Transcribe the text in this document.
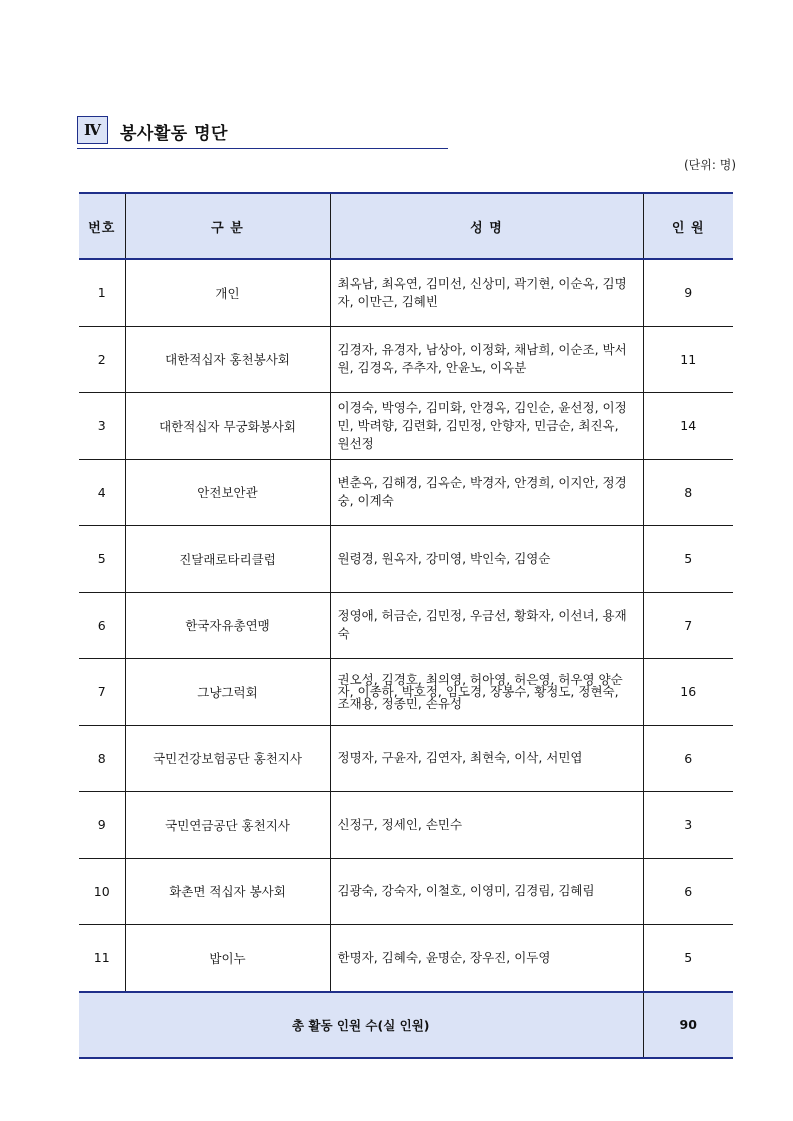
Ⅳ	봉사활동 명단
(단위: 명)
번호	구 분	성 명	인 원
1	개인	최옥남, 최옥연, 김미선, 신상미, 곽기현, 이순옥, 김명자, 이만근, 김혜빈	9
2	대한적십자 홍천봉사회	김경자, 유경자, 남상아, 이정화, 채남희, 이순조, 박서원, 김경옥, 주추자, 안윤노, 이옥분	11
3	대한적십자 무궁화봉사회	이경숙, 박영수, 김미화, 안경옥, 김인순, 윤선정, 이정민, 박려향, 김련화, 김민정, 안향자, 민금순, 최진옥, 원선정	14
4	안전보안관	변춘옥, 김해경, 김옥순, 박경자, 안경희, 이지안, 정경숭, 이계숙	8
5	진달래로타리클럽	원령경, 원옥자, 강미영, 박인숙, 김영순	5
6	한국자유총연맹	정영애, 허금순, 김민정, 우금선, 황화자, 이선녀, 용재숙	7
7	그냥그럭회	권오성, 김경호, 최의영, 허아영, 허은영, 허우영 양순자, 이종하, 박호정, 임도경, 장봉수, 황정도, 정현숙, 조재용, 정종민, 손유성	16
8	국민건강보험공단 홍천지사	정명자, 구윤자, 김연자, 최현숙, 이삭, 서민엽	6
9	국민연금공단 홍천지사	신정구, 정세인, 손민수	3
10	화촌면 적십자 봉사회	김광숙, 강숙자, 이철호, 이영미, 김경림, 김혜림	6
11	밥이누	한명자, 김혜숙, 윤명순, 장우진, 이두영	5
총 활동 인원 수(실 인원)			90
